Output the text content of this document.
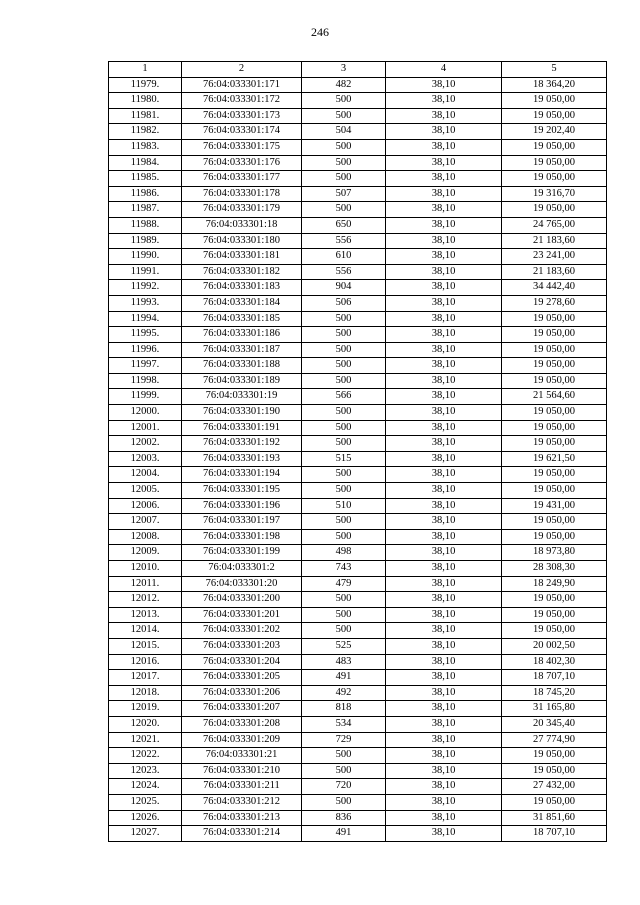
246
1	2	3	4	5
11979.	76:04:033301:171	482	38,10	18 364,20
11980.	76:04:033301:172	500	38,10	19 050,00
11981.	76:04:033301:173	500	38,10	19 050,00
11982.	76:04:033301:174	504	38,10	19 202,40
11983.	76:04:033301:175	500	38,10	19 050,00
11984.	76:04:033301:176	500	38,10	19 050,00
11985.	76:04:033301:177	500	38,10	19 050,00
11986.	76:04:033301:178	507	38,10	19 316,70
11987.	76:04:033301:179	500	38,10	19 050,00
11988.	76:04:033301:18	650	38,10	24 765,00
11989.	76:04:033301:180	556	38,10	21 183,60
11990.	76:04:033301:181	610	38,10	23 241,00
11991.	76:04:033301:182	556	38,10	21 183,60
11992.	76:04:033301:183	904	38,10	34 442,40
11993.	76:04:033301:184	506	38,10	19 278,60
11994.	76:04:033301:185	500	38,10	19 050,00
11995.	76:04:033301:186	500	38,10	19 050,00
11996.	76:04:033301:187	500	38,10	19 050,00
11997.	76:04:033301:188	500	38,10	19 050,00
11998.	76:04:033301:189	500	38,10	19 050,00
11999.	76:04:033301:19	566	38,10	21 564,60
12000.	76:04:033301:190	500	38,10	19 050,00
12001.	76:04:033301:191	500	38,10	19 050,00
12002.	76:04:033301:192	500	38,10	19 050,00
12003.	76:04:033301:193	515	38,10	19 621,50
12004.	76:04:033301:194	500	38,10	19 050,00
12005.	76:04:033301:195	500	38,10	19 050,00
12006.	76:04:033301:196	510	38,10	19 431,00
12007.	76:04:033301:197	500	38,10	19 050,00
12008.	76:04:033301:198	500	38,10	19 050,00
12009.	76:04:033301:199	498	38,10	18 973,80
12010.	76:04:033301:2	743	38,10	28 308,30
12011.	76:04:033301:20	479	38,10	18 249,90
12012.	76:04:033301:200	500	38,10	19 050,00
12013.	76:04:033301:201	500	38,10	19 050,00
12014.	76:04:033301:202	500	38,10	19 050,00
12015.	76:04:033301:203	525	38,10	20 002,50
12016.	76:04:033301:204	483	38,10	18 402,30
12017.	76:04:033301:205	491	38,10	18 707,10
12018.	76:04:033301:206	492	38,10	18 745,20
12019.	76:04:033301:207	818	38,10	31 165,80
12020.	76:04:033301:208	534	38,10	20 345,40
12021.	76:04:033301:209	729	38,10	27 774,90
12022.	76:04:033301:21	500	38,10	19 050,00
12023.	76:04:033301:210	500	38,10	19 050,00
12024.	76:04:033301:211	720	38,10	27 432,00
12025.	76:04:033301:212	500	38,10	19 050,00
12026.	76:04:033301:213	836	38,10	31 851,60
12027.	76:04:033301:214	491	38,10	18 707,10
